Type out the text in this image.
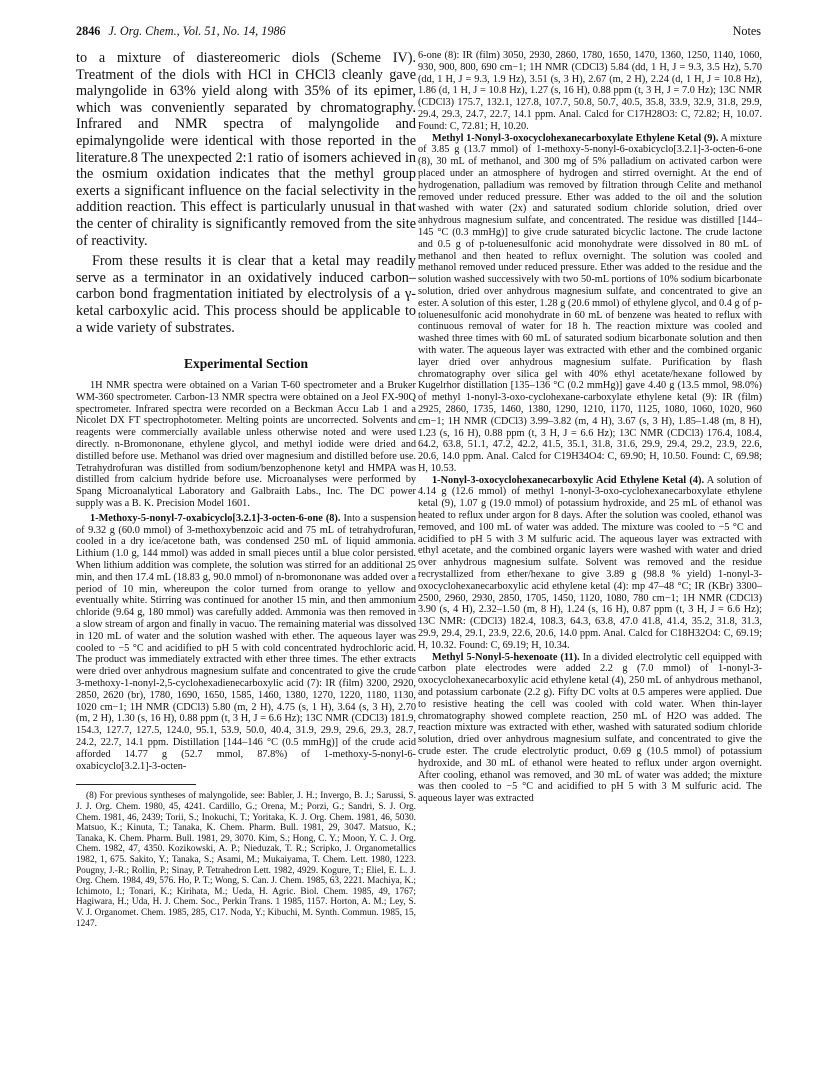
2846 J. Org. Chem., Vol. 51, No. 14, 1986	Notes

to a mixture of diastereomeric diols (Scheme IV). Treatment of the diols with HCl in CHCl3 cleanly gave malyngolide in 63% yield along with 35% of its epimer, which was conveniently separated by chromatography. Infrared and NMR spectra of malyngolide and epimalyngolide were identical with those reported in the literature.8 The unexpected 2:1 ratio of isomers achieved in the osmium oxidation indicates that the methyl group exerts a significant influence on the facial selectivity in the addition reaction. This effect is particularly unusual in that the center of chirality is significantly removed from the site of reactivity.

From these results it is clear that a ketal may readily serve as a terminator in an oxidatively induced carbon–carbon bond fragmentation initiated by electrolysis of a γ-ketal carboxylic acid. This process should be applicable to a wide variety of substrates.

Experimental Section

1H NMR spectra were obtained on a Varian T-60 spectrometer and a Bruker WM-360 spectrometer. Carbon-13 NMR spectra were obtained on a Jeol FX-90Q spectrometer. Infrared spectra were recorded on a Beckman Accu Lab 1 and a Nicolet DX FT spectrophotometer. Melting points are uncorrected. Solvents and reagents were commercially available unless otherwise noted and were used directly. n-Bromononane, ethylene glycol, and methyl iodide were dried and distilled before use. Methanol was dried over magnesium and distilled before use. Tetrahydrofuran was distilled from sodium/benzophenone ketyl and HMPA was distilled from calcium hydride before use. Microanalyses were performed by Spang Microanalytical Laboratory and Galbraith Labs., Inc. The DC power supply was a B. K. Precision Model 1601.

1-Methoxy-5-nonyl-7-oxabicyclo[3.2.1]-3-octen-6-one (8). Into a suspension of 9.32 g (60.0 mmol) of 3-methoxybenzoic acid and 75 mL of tetrahydrofuran, cooled in a dry ice/acetone bath, was condensed 250 mL of liquid ammonia. Lithium (1.0 g, 144 mmol) was added in small pieces until a blue color persisted. When lithium addition was complete, the solution was stirred for an additional 25 min, and then 17.4 mL (18.83 g, 90.0 mmol) of n-bromononane was added over a period of 10 min, whereupon the color turned from orange to yellow and eventually white. Stirring was continued for another 15 min, and then ammonium chloride (9.64 g, 180 mmol) was carefully added. Ammonia was then removed in a slow stream of argon and finally in vacuo. The remaining material was dissolved in 120 mL of water and the solution washed with ether. The aqueous layer was cooled to −5 °C and acidified to pH 5 with cold concentrated hydrochloric acid. The product was immediately extracted with ether three times. The ether extracts were dried over anhydrous magnesium sulfate and concentrated to give the crude 3-methoxy-1-nonyl-2,5-cyclohexadienecarboxylic acid (7): IR (film) 3200, 2920, 2850, 2620 (br), 1780, 1690, 1650, 1585, 1460, 1380, 1270, 1220, 1180, 1130, 1020 cm−1; 1H NMR (CDCl3) 5.80 (m, 2 H), 4.75 (s, 1 H), 3.64 (s, 3 H), 2.70 (m, 2 H), 1.30 (s, 16 H), 0.88 ppm (t, 3 H, J = 6.6 Hz); 13C NMR (CDCl3) 181.9, 154.3, 127.7, 127.5, 124.0, 95.1, 53.9, 50.0, 40.4, 31.9, 29.9, 29.6, 29.3, 28.7, 24.2, 22.7, 14.1 ppm. Distillation [144–146 °C (0.5 mmHg)] of the crude acid afforded 14.77 g (52.7 mmol, 87.8%) of 1-methoxy-5-nonyl-6-oxabicyclo[3.2.1]-3-octen-

(8) For previous syntheses of malyngolide, see: Babler, J. H.; Invergo, B. J.; Sarussi, S. J. J. Org. Chem. 1980, 45, 4241. Cardillo, G.; Orena, M.; Porzi, G.; Sandri, S. J. Org. Chem. 1981, 46, 2439; Torii, S.; Inokuchi, T.; Yoritaka, K. J. Org. Chem. 1981, 46, 5030. Matsuo, K.; Kinuta, T.; Tanaka, K. Chem. Pharm. Bull. 1981, 29, 3047. Matsuo, K.; Tanaka, K. Chem. Pharm. Bull. 1981, 29, 3070. Kim, S.; Hong, C. Y.; Moon, Y. C. J. Org. Chem. 1982, 47, 4350. Kozikowski, A. P.; Nieduzak, T. R.; Scripko, J. Organometallics 1982, 1, 675. Sakito, Y.; Tanaka, S.; Asami, M.; Mukaiyama, T. Chem. Lett. 1980, 1223. Pougny, J.-R.; Rollin, P.; Sinay, P. Tetrahedron Lett. 1982, 4929. Kogure, T.; Eliel, E. L. J. Org. Chem. 1984, 49, 576. Ho, P. T.; Wong, S. Can. J. Chem. 1985, 63, 2221. Machiya, K.; Ichimoto, I.; Tonari, K.; Kirihata, M.; Ueda, H. Agric. Biol. Chem. 1985, 49, 1767; Hagiwara, H.; Uda, H. J. Chem. Soc., Perkin Trans. 1 1985, 1157. Horton, A. M.; Ley, S. V. J. Organomet. Chem. 1985, 285, C17. Noda, Y.; Kibuchi, M. Synth. Commun. 1985, 15, 1247.

6-one (8): IR (film) 3050, 2930, 2860, 1780, 1650, 1470, 1360, 1250, 1140, 1060, 930, 900, 800, 690 cm−1; 1H NMR (CDCl3) 5.84 (dd, 1 H, J = 9.3, 3.5 Hz), 5.70 (dd, 1 H, J = 9.3, 1.9 Hz), 3.51 (s, 3 H), 2.67 (m, 2 H), 2.24 (d, 1 H, J = 10.8 Hz), 1.86 (d, 1 H, J = 10.8 Hz), 1.27 (s, 16 H), 0.88 ppm (t, 3 H, J = 7.0 Hz); 13C NMR (CDCl3) 175.7, 132.1, 127.8, 107.7, 50.8, 50.7, 40.5, 35.8, 33.9, 32.9, 31.8, 29.9, 29.4, 29.3, 24.7, 22.7, 14.1 ppm. Anal. Calcd for C17H28O3: C, 72.82; H, 10.07. Found: C, 72.81; H, 10.20.

Methyl 1-Nonyl-3-oxocyclohexanecarboxylate Ethylene Ketal (9). A mixture of 3.85 g (13.7 mmol) of 1-methoxy-5-nonyl-6-oxabicyclo[3.2.1]-3-octen-6-one (8), 30 mL of methanol, and 300 mg of 5% palladium on activated carbon were placed under an atmosphere of hydrogen and stirred overnight. At the end of hydrogenation, palladium was removed by filtration through Celite and methanol removed under reduced pressure. Ether was added to the oil and the solution washed with water (2x) and saturated sodium chloride solution, dried over anhydrous magnesium sulfate, and concentrated. The residue was distilled [144–145 °C (0.3 mmHg)] to give crude saturated bicyclic lactone. The crude lactone and 0.5 g of p-toluenesulfonic acid monohydrate were dissolved in 80 mL of methanol and then heated to reflux overnight. The solution was cooled and methanol removed under reduced pressure. Ether was added to the residue and the solution washed successively with two 50-mL portions of 10% sodium bicarbonate solution, dried over anhydrous magnesium sulfate, and concentrated to give an ester. A solution of this ester, 1.28 g (20.6 mmol) of ethylene glycol, and 0.4 g of p-toluenesulfonic acid monohydrate in 60 mL of benzene was heated to reflux with continuous removal of water for 18 h. The reaction mixture was cooled and washed three times with 60 mL of saturated sodium bicarbonate solution and then with water. The aqueous layer was extracted with ether and the combined organic layer dried over anhydrous magnesium sulfate. Purification by flash chromatography over silica gel with 40% ethyl acetate/hexane followed by Kugelrhor distillation [135–136 °C (0.2 mmHg)] gave 4.40 g (13.5 mmol, 98.0%) of methyl 1-nonyl-3-oxo-cyclohexane-carboxylate ethylene ketal (9): IR (film) 2925, 2860, 1735, 1460, 1380, 1290, 1210, 1170, 1125, 1080, 1060, 1020, 960 cm−1; 1H NMR (CDCl3) 3.99–3.82 (m, 4 H), 3.67 (s, 3 H), 1.85–1.48 (m, 8 H), 1.23 (s, 16 H), 0.88 ppm (t, 3 H, J = 6.6 Hz); 13C NMR (CDCl3) 176.4, 108.4, 64.2, 63.8, 51.1, 47.2, 42.2, 41.5, 35.1, 31.8, 31.6, 29.9, 29.4, 29.2, 23.9, 22.6, 20.6, 14.0 ppm. Anal. Calcd for C19H34O4: C, 69.90; H, 10.50. Found: C, 69.98; H, 10.53.

1-Nonyl-3-oxocyclohexanecarboxylic Acid Ethylene Ketal (4). A solution of 4.14 g (12.6 mmol) of methyl 1-nonyl-3-oxo-cyclohexanecarboxylate ethylene ketal (9), 1.07 g (19.0 mmol) of potassium hydroxide, and 25 mL of ethanol was heated to reflux under argon for 8 days. After the solution was cooled, ethanol was removed, and 100 mL of water was added. The mixture was cooled to −5 °C and acidified to pH 5 with 3 M sulfuric acid. The aqueous layer was extracted with ethyl acetate, and the combined organic layers were washed with water and dried over anhydrous magnesium sulfate. Solvent was removed and the residue recrystallized from ether/hexane to give 3.89 g (98.8 % yield) 1-nonyl-3-oxocyclohexanecarboxylic acid ethylene ketal (4): mp 47–48 °C; IR (KBr) 3300–2500, 2960, 2930, 2850, 1705, 1450, 1120, 1080, 780 cm−1; 1H NMR (CDCl3) 3.90 (s, 4 H), 2.32–1.50 (m, 8 H), 1.24 (s, 16 H), 0.87 ppm (t, 3 H, J = 6.6 Hz); 13C NMR: (CDCl3) 182.4, 108.3, 64.3, 63.8, 47.0 41.8, 41.4, 35.2, 31.8, 31.3, 29.9, 29.4, 29.1, 23.9, 22.6, 20.6, 14.0 ppm. Anal. Calcd for C18H32O4: C, 69.19; H, 10.32. Found: C, 69.19; H, 10.34.

Methyl 5-Nonyl-5-hexenoate (11). In a divided electrolytic cell equipped with carbon plate electrodes were added 2.2 g (7.0 mmol) of 1-nonyl-3-oxocyclohexanecarboxylic acid ethylene ketal (4), 250 mL of anhydrous methanol, and potassium carbonate (2.2 g). Fifty DC volts at 0.5 amperes were applied. Due to resistive heating the cell was cooled with cold water. When thin-layer chromatography showed complete reaction, 250 mL of H2O was added. The reaction mixture was extracted with ether, washed with saturated sodium chloride solution, dried over anhydrous magnesium sulfate, and concentrated to give the crude ester. The crude electrolytic product, 0.69 g (10.5 mmol) of potassium hydroxide, and 30 mL of ethanol were heated to reflux under argon overnight. After cooling, ethanol was removed, and 30 mL of water was added; the mixture was then cooled to −5 °C and acidified to pH 5 with 3 M sulfuric acid. The aqueous layer was extracted
